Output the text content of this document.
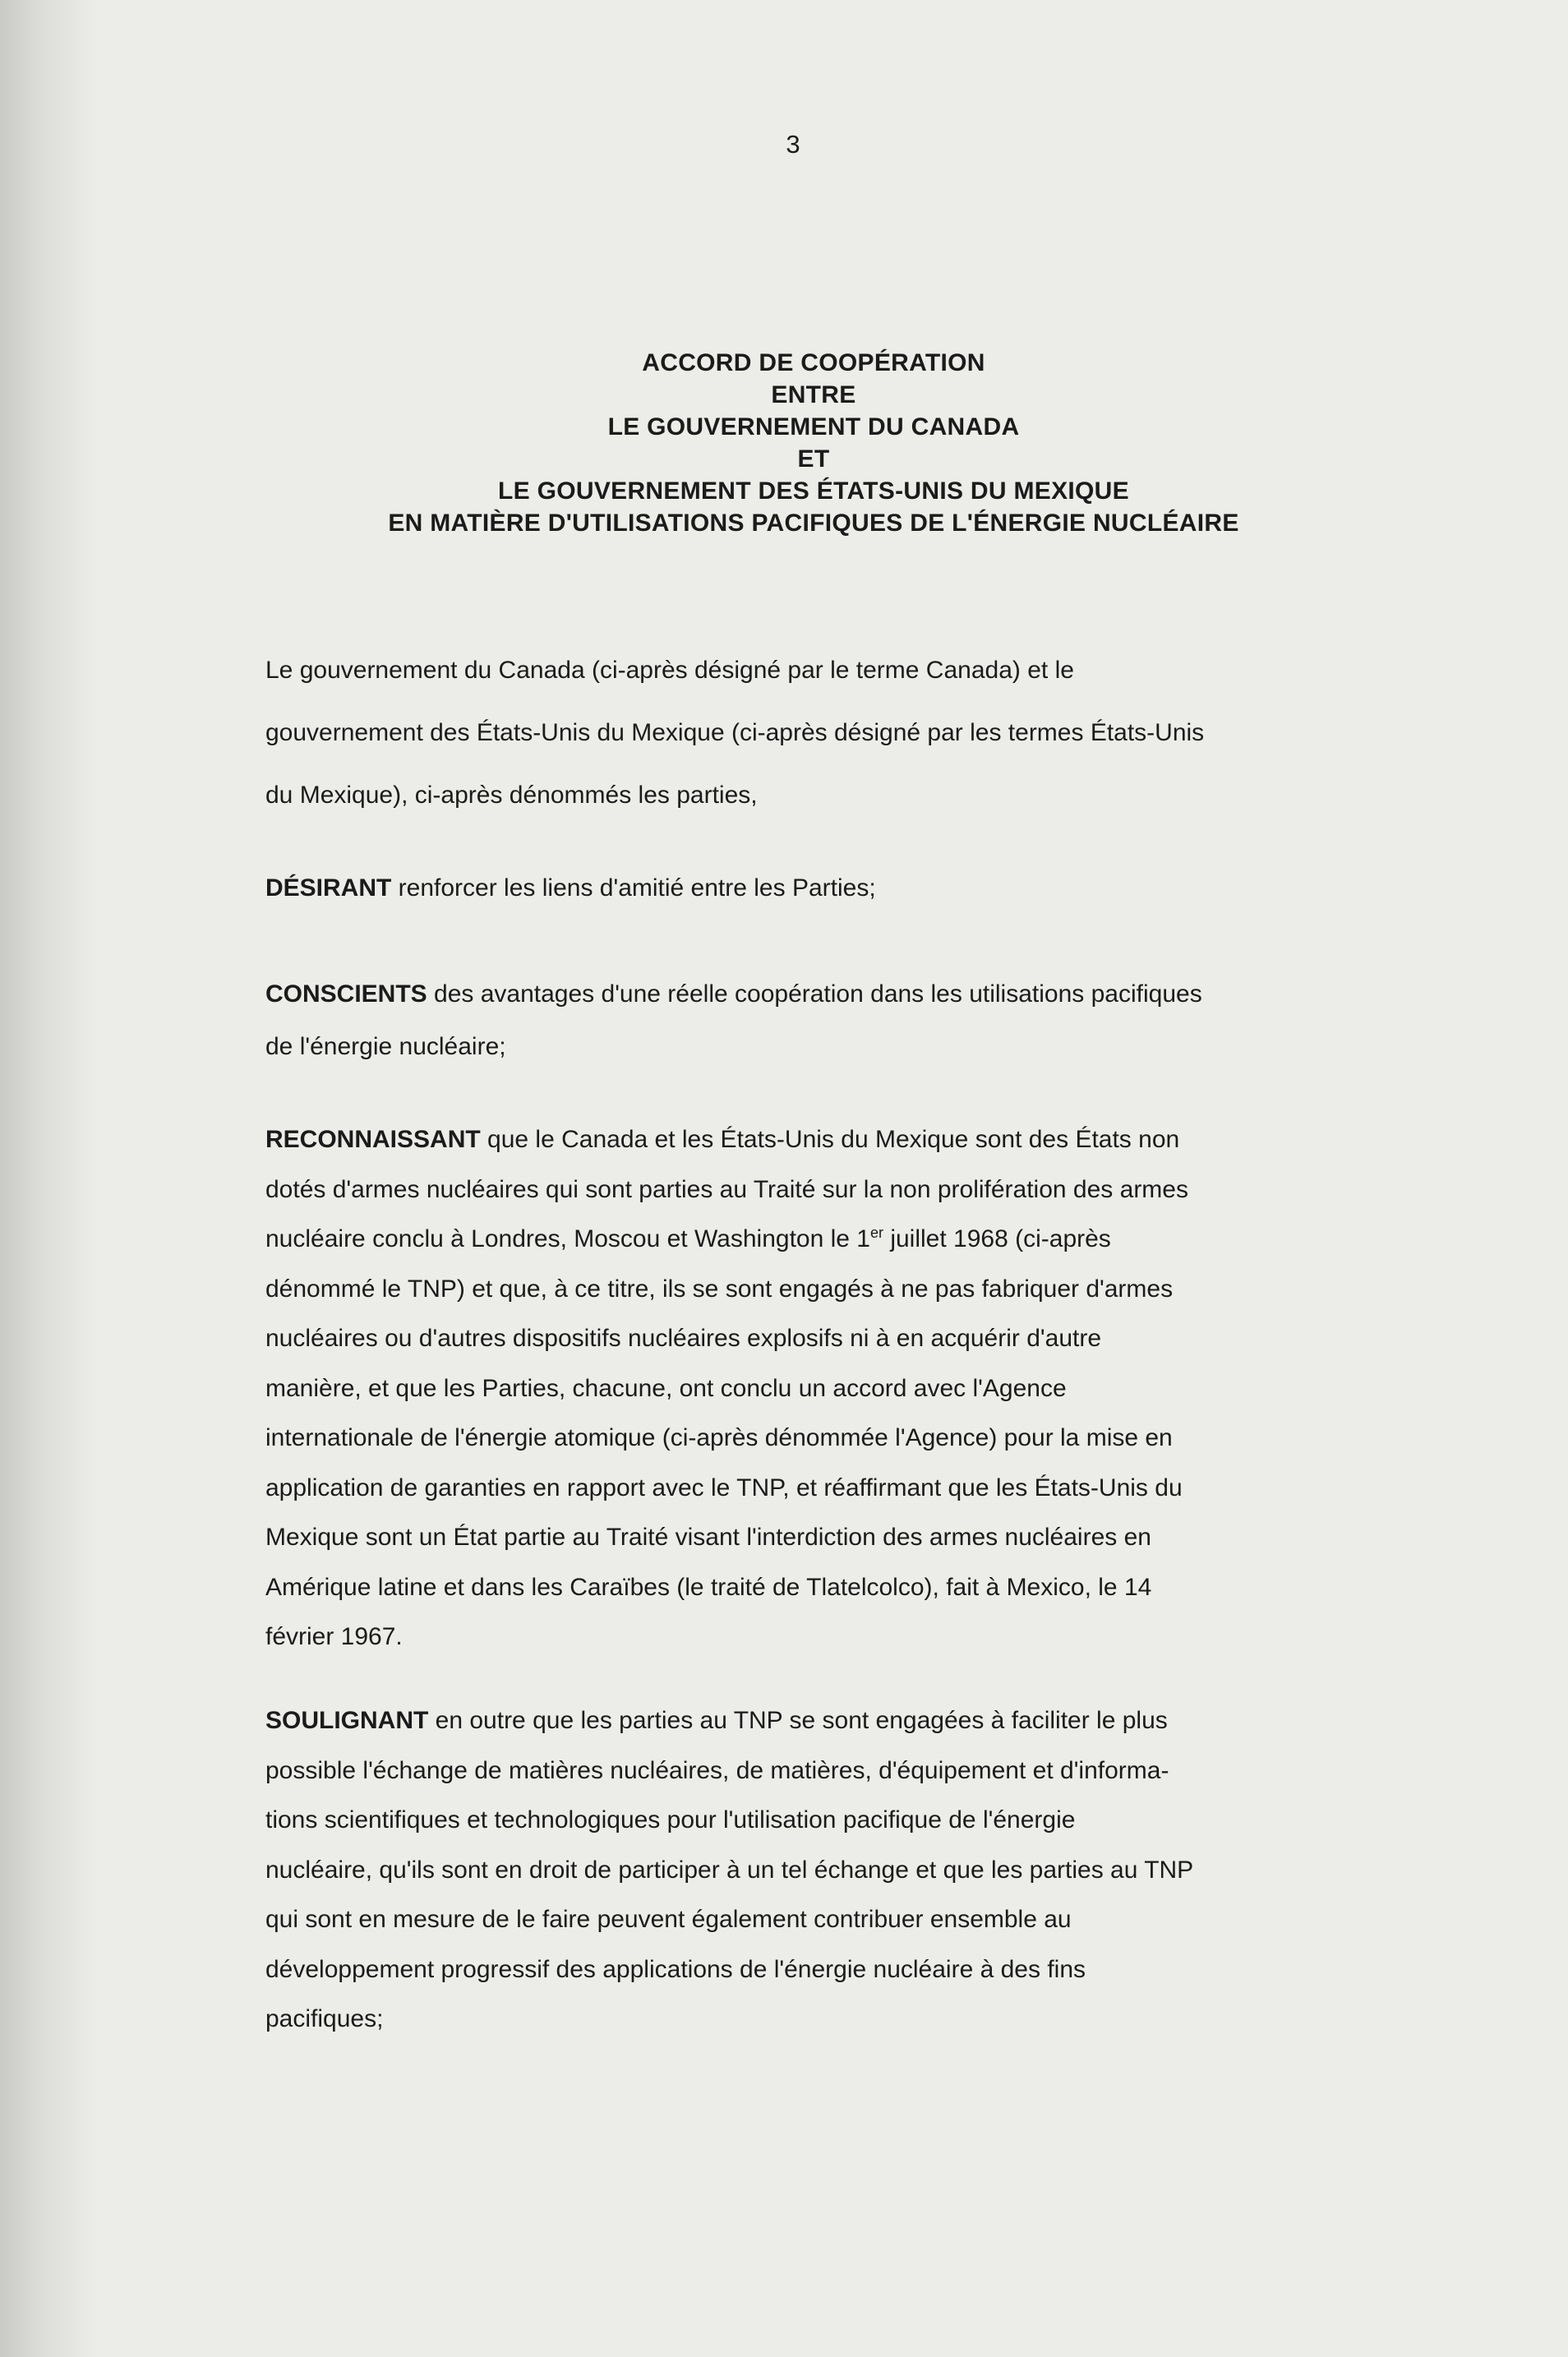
3
ACCORD DE COOPÉRATION
ENTRE
LE GOUVERNEMENT DU CANADA
ET
LE GOUVERNEMENT DES ÉTATS-UNIS DU MEXIQUE
EN MATIÈRE D'UTILISATIONS PACIFIQUES DE L'ÉNERGIE NUCLÉAIRE

Le gouvernement du Canada (ci-après désigné par le terme Canada) et le
gouvernement des États-Unis du Mexique (ci-après désigné par les termes États-Unis
du Mexique), ci-après dénommés les parties,

DÉSIRANT renforcer les liens d'amitié entre les Parties;

CONSCIENTS des avantages d'une réelle coopération dans les utilisations pacifiques
de l'énergie nucléaire;

RECONNAISSANT que le Canada et les États-Unis du Mexique sont des États non
dotés d'armes nucléaires qui sont parties au Traité sur la non prolifération des armes
nucléaire conclu à Londres, Moscou et Washington le 1er juillet 1968 (ci-après
dénommé le TNP) et que, à ce titre, ils se sont engagés à ne pas fabriquer d'armes
nucléaires ou d'autres dispositifs nucléaires explosifs ni à en acquérir d'autre
manière, et que les Parties, chacune, ont conclu un accord avec l'Agence
internationale de l'énergie atomique (ci-après dénommée l'Agence) pour la mise en
application de garanties en rapport avec le TNP, et réaffirmant que les États-Unis du
Mexique sont un État partie au Traité visant l'interdiction des armes nucléaires en
Amérique latine et dans les Caraïbes (le traité de Tlatelcolco), fait à Mexico, le 14
février 1967.

SOULIGNANT en outre que les parties au TNP se sont engagées à faciliter le plus
possible l'échange de matières nucléaires, de matières, d'équipement et d'informa-
tions scientifiques et technologiques pour l'utilisation pacifique de l'énergie
nucléaire, qu'ils sont en droit de participer à un tel échange et que les parties au TNP
qui sont en mesure de le faire peuvent également contribuer ensemble au
développement progressif des applications de l'énergie nucléaire à des fins
pacifiques;
